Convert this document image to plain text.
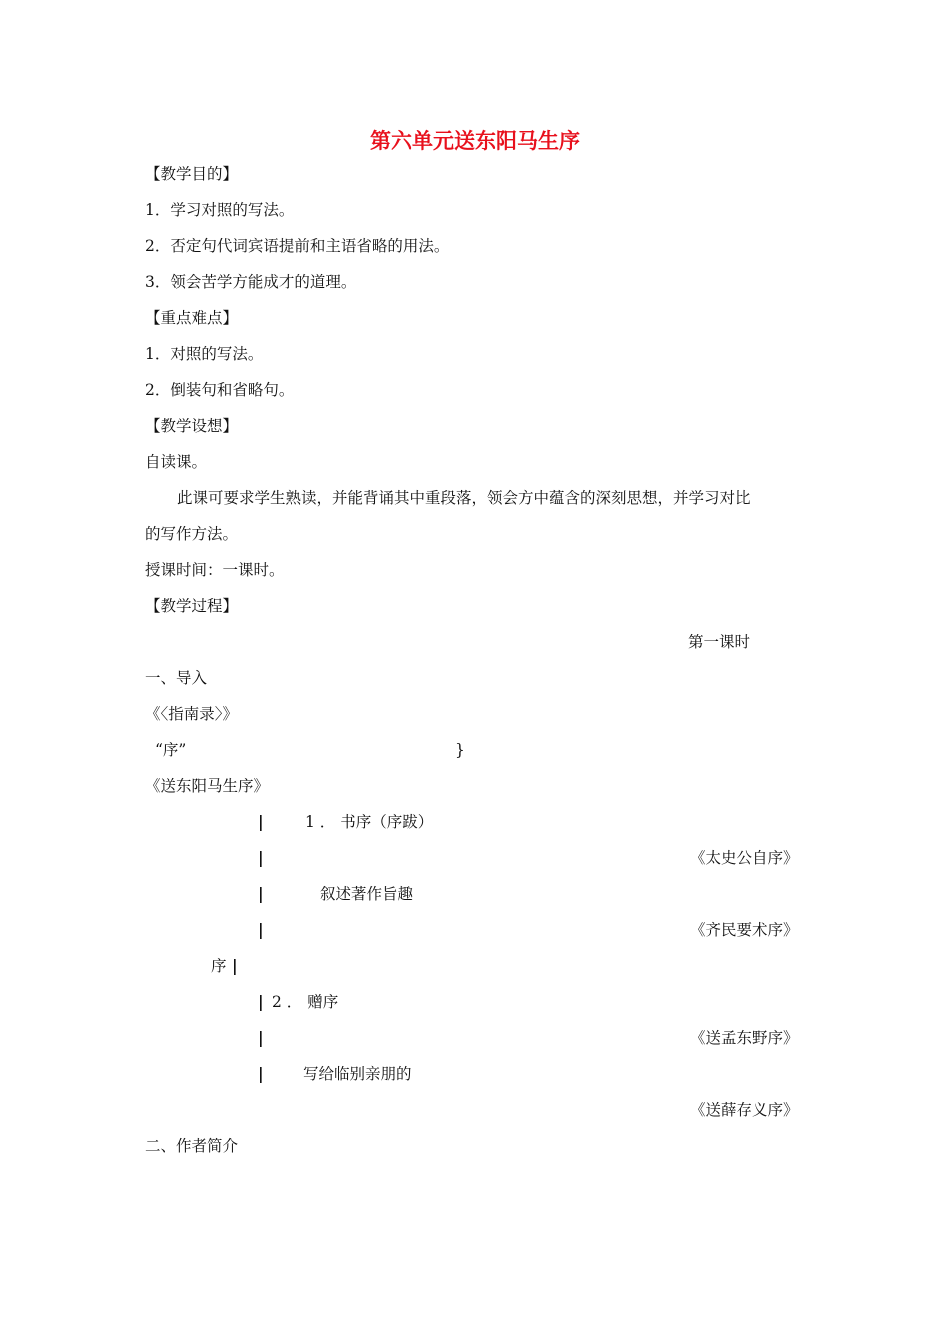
第六单元送东阳马生序
【教学目的】
1．学习对照的写法。
2．否定句代词宾语提前和主语省略的用法。
3．领会苦学方能成才的道理。
【重点难点】
1．对照的写法。
2．倒装句和省略句。
【教学设想】
自读课。
此课可要求学生熟读，并能背诵其中重段落，领会方中蕴含的深刻思想，并学习对比
的写作方法。
授课时间：一课时。
【教学过程】
第一课时
一、导入
《〈指南录〉》
“序”	}
《送东阳马生序》
|	1 ． 书序（序跋）
|	《太史公自序》
|	叙述著作旨趣
|	《齐民要术序》
序 |
| 2 ． 赠序
|	《送孟东野序》
|	写给临别亲朋的
《送薛存义序》
二、作者简介
